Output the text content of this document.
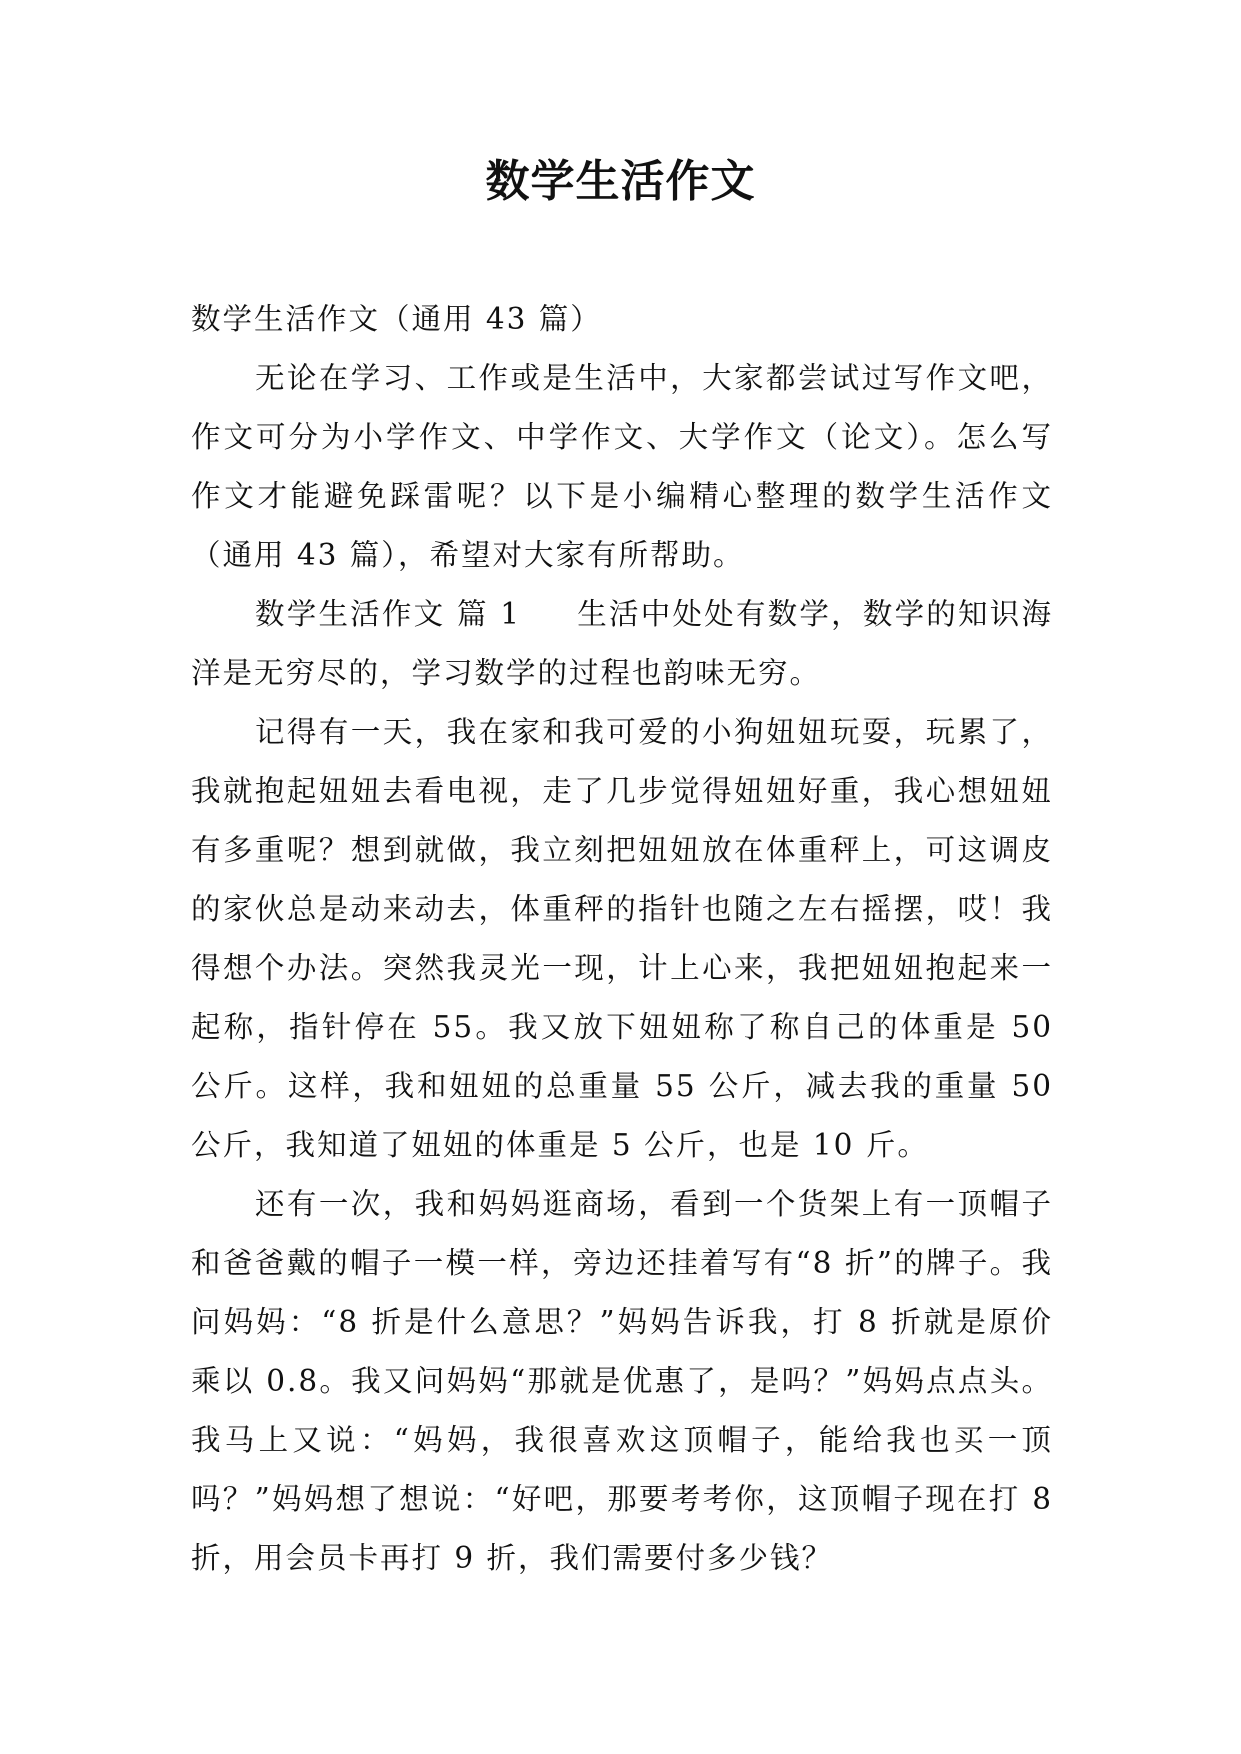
数学生活作文

数学生活作文（通用 43 篇）

无论在学习、工作或是生活中，大家都尝试过写作文吧，作文可分为小学作文、中学作文、大学作文（论文）。怎么写作文才能避免踩雷呢？以下是小编精心整理的数学生活作文（通用 43 篇），希望对大家有所帮助。

数学生活作文 篇 1 生活中处处有数学，数学的知识海洋是无穷尽的，学习数学的过程也韵味无穷。

记得有一天，我在家和我可爱的小狗妞妞玩耍，玩累了，我就抱起妞妞去看电视，走了几步觉得妞妞好重，我心想妞妞有多重呢？想到就做，我立刻把妞妞放在体重秤上，可这调皮的家伙总是动来动去，体重秤的指针也随之左右摇摆，哎！我得想个办法。突然我灵光一现，计上心来，我把妞妞抱起来一起称，指针停在 55。我又放下妞妞称了称自己的体重是 50 公斤。这样，我和妞妞的总重量 55 公斤，减去我的重量 50 公斤，我知道了妞妞的体重是 5 公斤，也是 10 斤。

还有一次，我和妈妈逛商场，看到一个货架上有一顶帽子和爸爸戴的帽子一模一样，旁边还挂着写有“8 折”的牌子。我问妈妈：“8 折是什么意思？”妈妈告诉我，打 8 折就是原价乘以 0.8。我又问妈妈“那就是优惠了，是吗？”妈妈点点头。我马上又说：“妈妈，我很喜欢这顶帽子，能给我也买一顶吗？”妈妈想了想说：“好吧，那要考考你，这顶帽子现在打 8 折，用会员卡再打 9 折，我们需要付多少钱？
